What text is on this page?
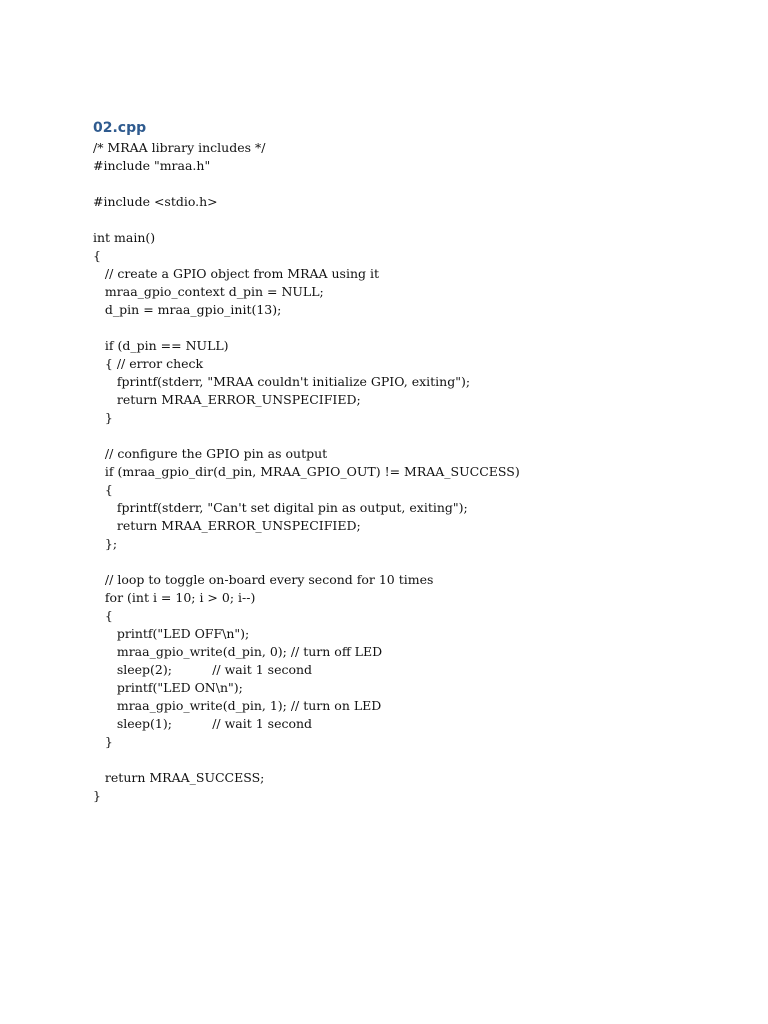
02.cpp
/* MRAA library includes */
#include "mraa.h"

#include <stdio.h>

int main()
{
// create a GPIO object from MRAA using it
mraa_gpio_context d_pin = NULL;
d_pin = mraa_gpio_init(13);

if (d_pin == NULL)
{ // error check
fprintf(stderr, "MRAA couldn't initialize GPIO, exiting");
return MRAA_ERROR_UNSPECIFIED;
}

// configure the GPIO pin as output
if (mraa_gpio_dir(d_pin, MRAA_GPIO_OUT) != MRAA_SUCCESS)
{
fprintf(stderr, "Can't set digital pin as output, exiting");
return MRAA_ERROR_UNSPECIFIED;
};

// loop to toggle on-board every second for 10 times
for (int i = 10; i > 0; i--)
{
printf("LED OFF\n");
mraa_gpio_write(d_pin, 0); // turn off LED
sleep(2);		// wait 1 second
printf("LED ON\n");
mraa_gpio_write(d_pin, 1); // turn on LED
sleep(1);		// wait 1 second
}

return MRAA_SUCCESS;
}
